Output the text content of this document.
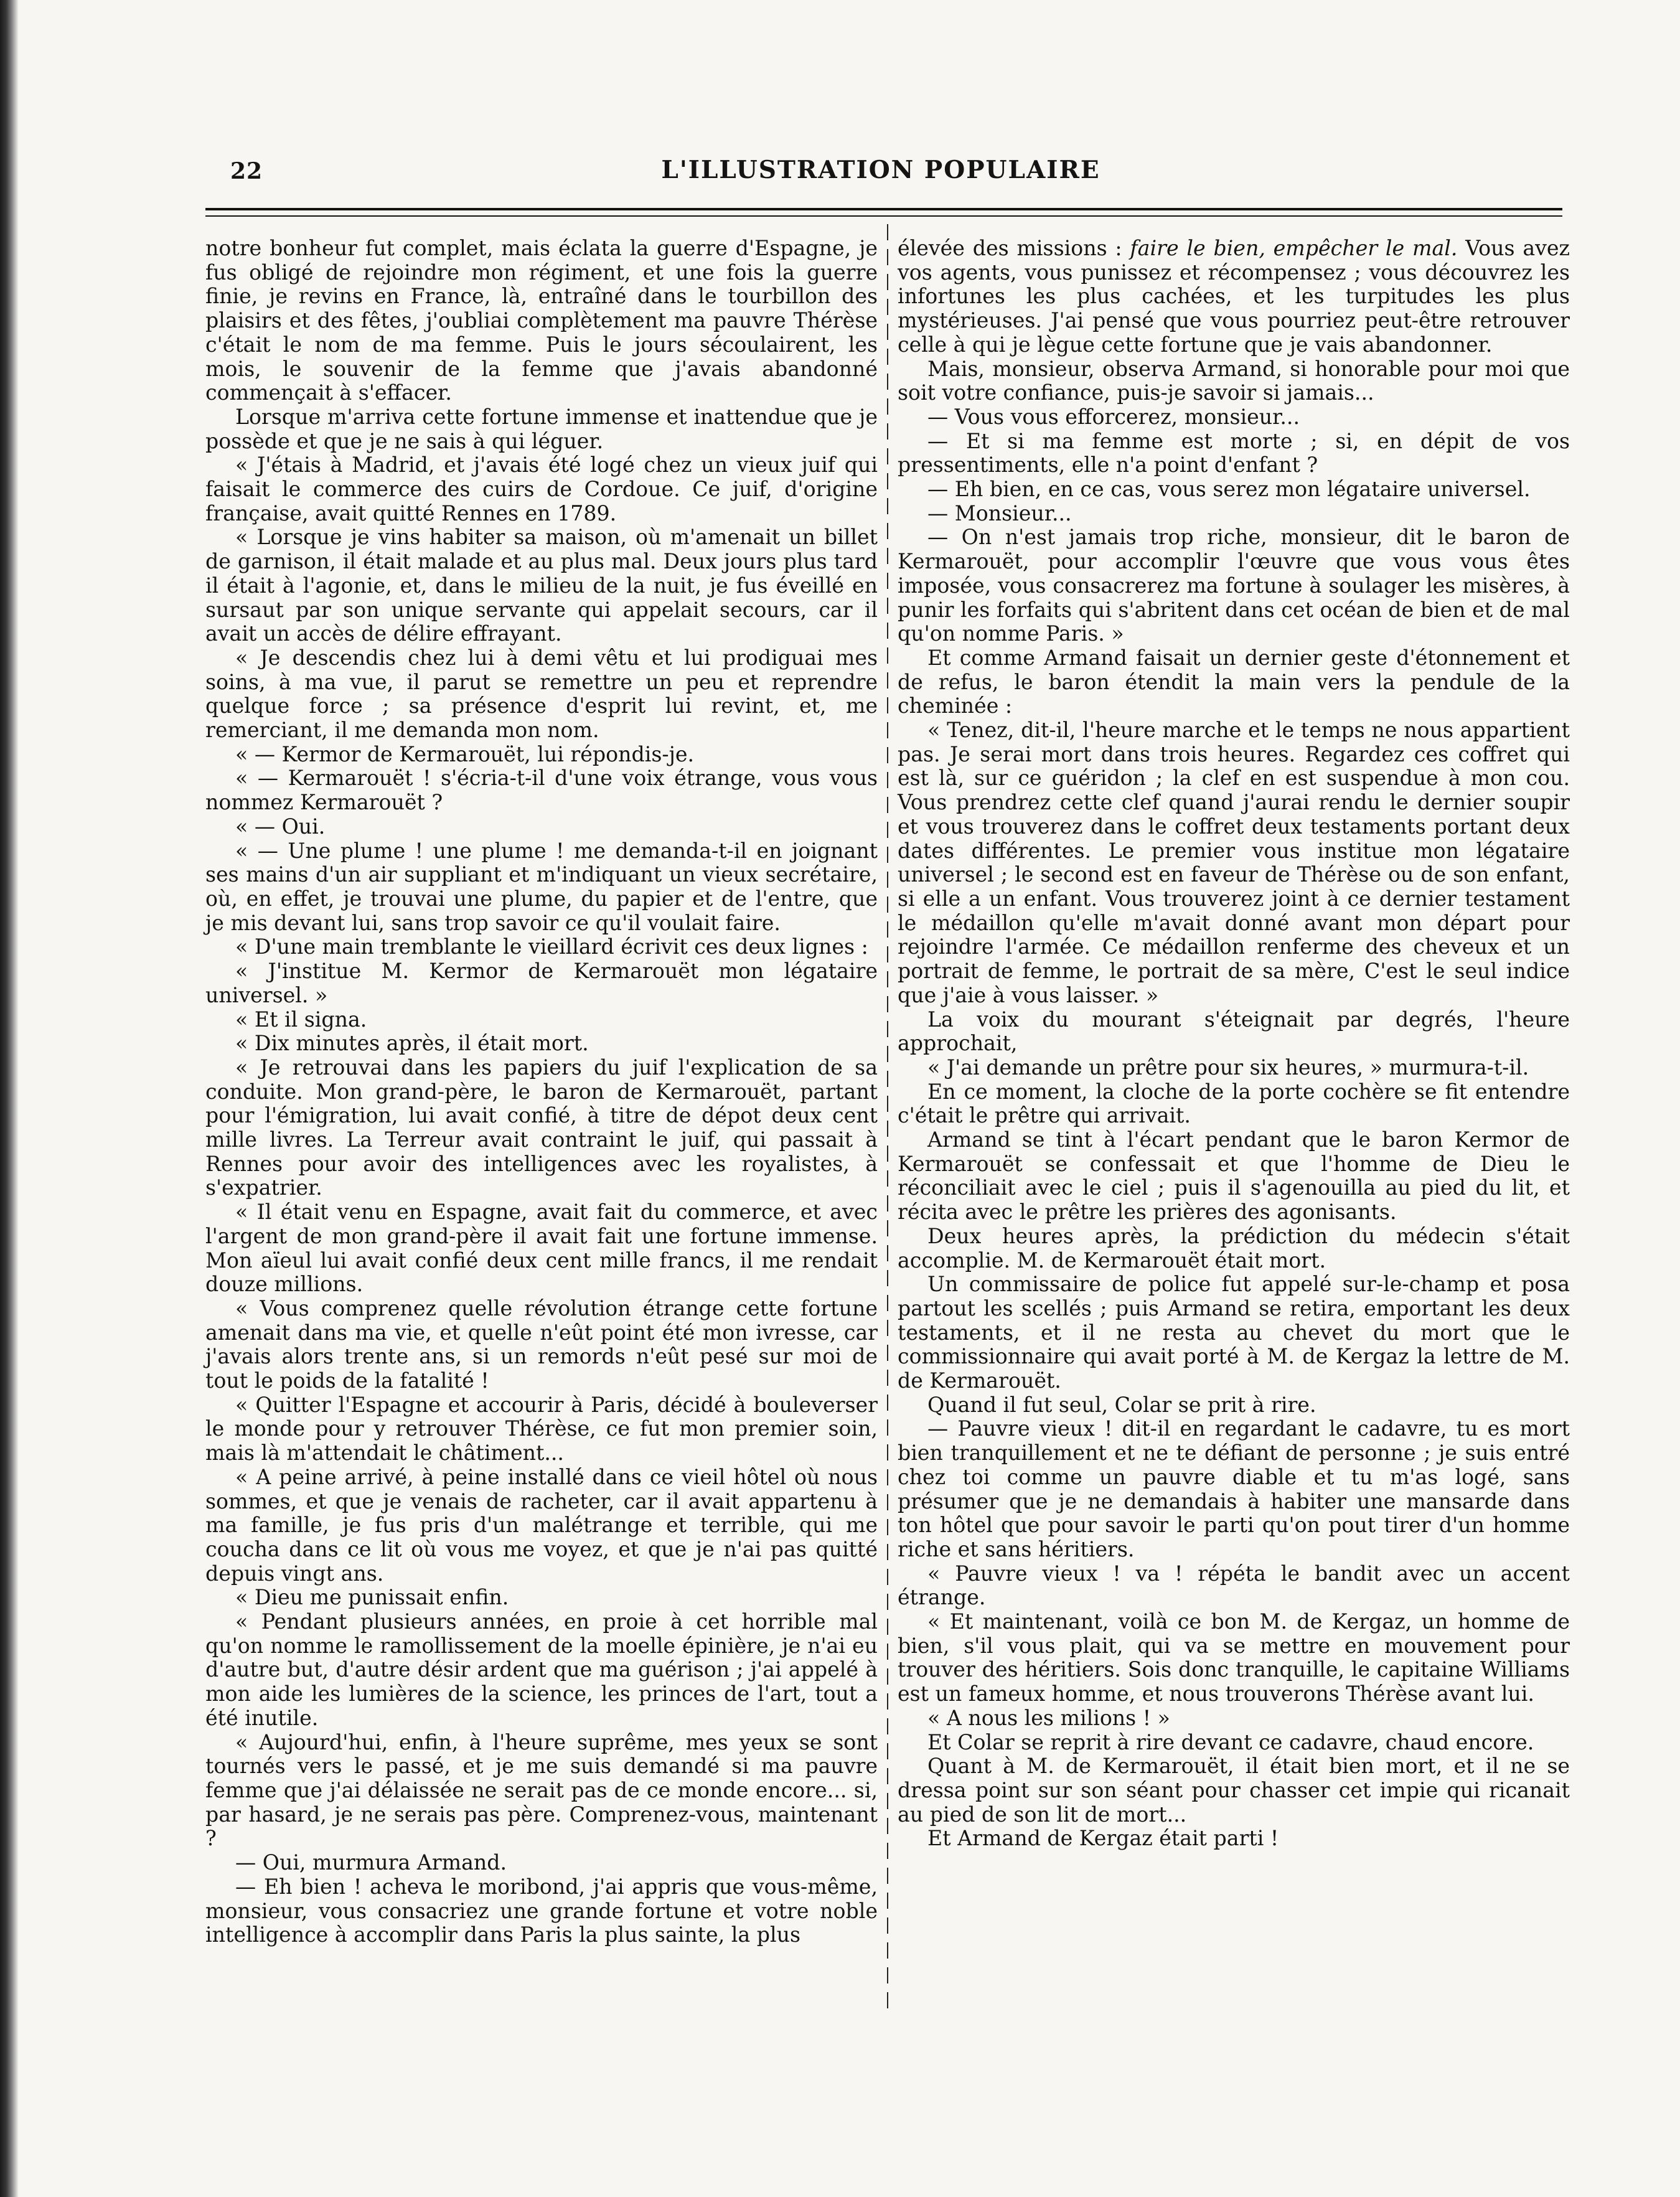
22	L'ILLUSTRATION POPULAIRE

notre bonheur fut complet, mais éclata la guerre d'Espagne, je fus obligé de rejoindre mon régiment, et une fois la guerre finie, je revins en France, là, entraîné dans le tourbillon des plaisirs et des fêtes, j'oubliai complètement ma pauvre Thérèse c'était le nom de ma femme. Puis le jours sécoulairent, les mois, le souvenir de la femme que j'avais abandonné commençait à s'effacer.

Lorsque m'arriva cette fortune immense et inattendue que je possède et que je ne sais à qui léguer.

« J'étais à Madrid, et j'avais été logé chez un vieux juif qui faisait le commerce des cuirs de Cordoue. Ce juif, d'origine française, avait quitté Rennes en 1789.

« Lorsque je vins habiter sa maison, où m'amenait un billet de garnison, il était malade et au plus mal. Deux jours plus tard il était à l'agonie, et, dans le milieu de la nuit, je fus éveillé en sursaut par son unique servante qui appelait secours, car il avait un accès de délire effrayant.

« Je descendis chez lui à demi vêtu et lui prodiguai mes soins, à ma vue, il parut se remettre un peu et reprendre quelque force ; sa présence d'esprit lui revint, et, me remerciant, il me demanda mon nom.

« — Kermor de Kermarouët, lui répondis-je.

« — Kermarouët ! s'écria-t-il d'une voix étrange, vous vous nommez Kermarouët ?

« — Oui.

« — Une plume ! une plume ! me demanda-t-il en joignant ses mains d'un air suppliant et m'indiquant un vieux secrétaire, où, en effet, je trouvai une plume, du papier et de l'entre, que je mis devant lui, sans trop savoir ce qu'il voulait faire.

« D'une main tremblante le vieillard écrivit ces deux lignes :

« J'institue M. Kermor de Kermarouët mon légataire universel. »

« Et il signa.

« Dix minutes après, il était mort.

« Je retrouvai dans les papiers du juif l'explication de sa conduite. Mon grand-père, le baron de Kermarouët, partant pour l'émigration, lui avait confié, à titre de dépot deux cent mille livres. La Terreur avait contraint le juif, qui passait à Rennes pour avoir des intelligences avec les royalistes, à s'expatrier.

« Il était venu en Espagne, avait fait du commerce, et avec l'argent de mon grand-père il avait fait une fortune immense. Mon aïeul lui avait confié deux cent mille francs, il me rendait douze millions.

« Vous comprenez quelle révolution étrange cette fortune amenait dans ma vie, et quelle n'eût point été mon ivresse, car j'avais alors trente ans, si un remords n'eût pesé sur moi de tout le poids de la fatalité !

« Quitter l'Espagne et accourir à Paris, décidé à bouleverser le monde pour y retrouver Thérèse, ce fut mon premier soin, mais là m'attendait le châtiment...

« A peine arrivé, à peine installé dans ce vieil hôtel où nous sommes, et que je venais de racheter, car il avait appartenu à ma famille, je fus pris d'un malétrange et terrible, qui me coucha dans ce lit où vous me voyez, et que je n'ai pas quitté depuis vingt ans.

« Dieu me punissait enfin.

« Pendant plusieurs années, en proie à cet horrible mal qu'on nomme le ramollissement de la moelle épinière, je n'ai eu d'autre but, d'autre désir ardent que ma guérison ; j'ai appelé à mon aide les lumières de la science, les princes de l'art, tout a été inutile.

« Aujourd'hui, enfin, à l'heure suprême, mes yeux se sont tournés vers le passé, et je me suis demandé si ma pauvre femme que j'ai délaissée ne serait pas de ce monde encore... si, par hasard, je ne serais pas père. Comprenez-vous, maintenant ?

— Oui, murmura Armand.

— Eh bien ! acheva le moribond, j'ai appris que vous-même, monsieur, vous consacriez une grande fortune et votre noble intelligence à accomplir dans Paris la plus sainte, la plus

élevée des missions : faire le bien, empêcher le mal. Vous avez vos agents, vous punissez et récompensez ; vous découvrez les infortunes les plus cachées, et les turpitudes les plus mystérieuses. J'ai pensé que vous pourriez peut-être retrouver celle à qui je lègue cette fortune que je vais abandonner.

Mais, monsieur, observa Armand, si honorable pour moi que soit votre confiance, puis-je savoir si jamais...

— Vous vous efforcerez, monsieur...

— Et si ma femme est morte ; si, en dépit de vos pressentiments, elle n'a point d'enfant ?

— Eh bien, en ce cas, vous serez mon légataire universel.

— Monsieur...

— On n'est jamais trop riche, monsieur, dit le baron de Kermarouët, pour accomplir l'œuvre que vous vous êtes imposée, vous consacrerez ma fortune à soulager les misères, à punir les forfaits qui s'abritent dans cet océan de bien et de mal qu'on nomme Paris. »

Et comme Armand faisait un dernier geste d'étonnement et de refus, le baron étendit la main vers la pendule de la cheminée :

« Tenez, dit-il, l'heure marche et le temps ne nous appartient pas. Je serai mort dans trois heures. Regardez ces coffret qui est là, sur ce guéridon ; la clef en est suspendue à mon cou. Vous prendrez cette clef quand j'aurai rendu le dernier soupir et vous trouverez dans le coffret deux testaments portant deux dates différentes. Le premier vous institue mon légataire universel ; le second est en faveur de Thérèse ou de son enfant, si elle a un enfant. Vous trouverez joint à ce dernier testament le médaillon qu'elle m'avait donné avant mon départ pour rejoindre l'armée. Ce médaillon renferme des cheveux et un portrait de femme, le portrait de sa mère, C'est le seul indice que j'aie à vous laisser. »

La voix du mourant s'éteignait par degrés, l'heure approchait,

« J'ai demande un prêtre pour six heures, » murmura-t-il.

En ce moment, la cloche de la porte cochère se fit entendre c'était le prêtre qui arrivait.

Armand se tint à l'écart pendant que le baron Kermor de Kermarouët se confessait et que l'homme de Dieu le réconciliait avec le ciel ; puis il s'agenouilla au pied du lit, et récita avec le prêtre les prières des agonisants.

Deux heures après, la prédiction du médecin s'était accomplie. M. de Kermarouët était mort.

Un commissaire de police fut appelé sur-le-champ et posa partout les scellés ; puis Armand se retira, emportant les deux testaments, et il ne resta au chevet du mort que le commissionnaire qui avait porté à M. de Kergaz la lettre de M. de Kermarouët.

Quand il fut seul, Colar se prit à rire.

— Pauvre vieux ! dit-il en regardant le cadavre, tu es mort bien tranquillement et ne te défiant de personne ; je suis entré chez toi comme un pauvre diable et tu m'as logé, sans présumer que je ne demandais à habiter une mansarde dans ton hôtel que pour savoir le parti qu'on pout tirer d'un homme riche et sans héritiers.

« Pauvre vieux ! va ! répéta le bandit avec un accent étrange.

« Et maintenant, voilà ce bon M. de Kergaz, un homme de bien, s'il vous plait, qui va se mettre en mouvement pour trouver des héritiers. Sois donc tranquille, le capitaine Williams est un fameux homme, et nous trouverons Thérèse avant lui.

« A nous les milions ! »

Et Colar se reprit à rire devant ce cadavre, chaud encore.

Quant à M. de Kermarouët, il était bien mort, et il ne se dressa point sur son séant pour chasser cet impie qui ricanait au pied de son lit de mort...

Et Armand de Kergaz était parti !
